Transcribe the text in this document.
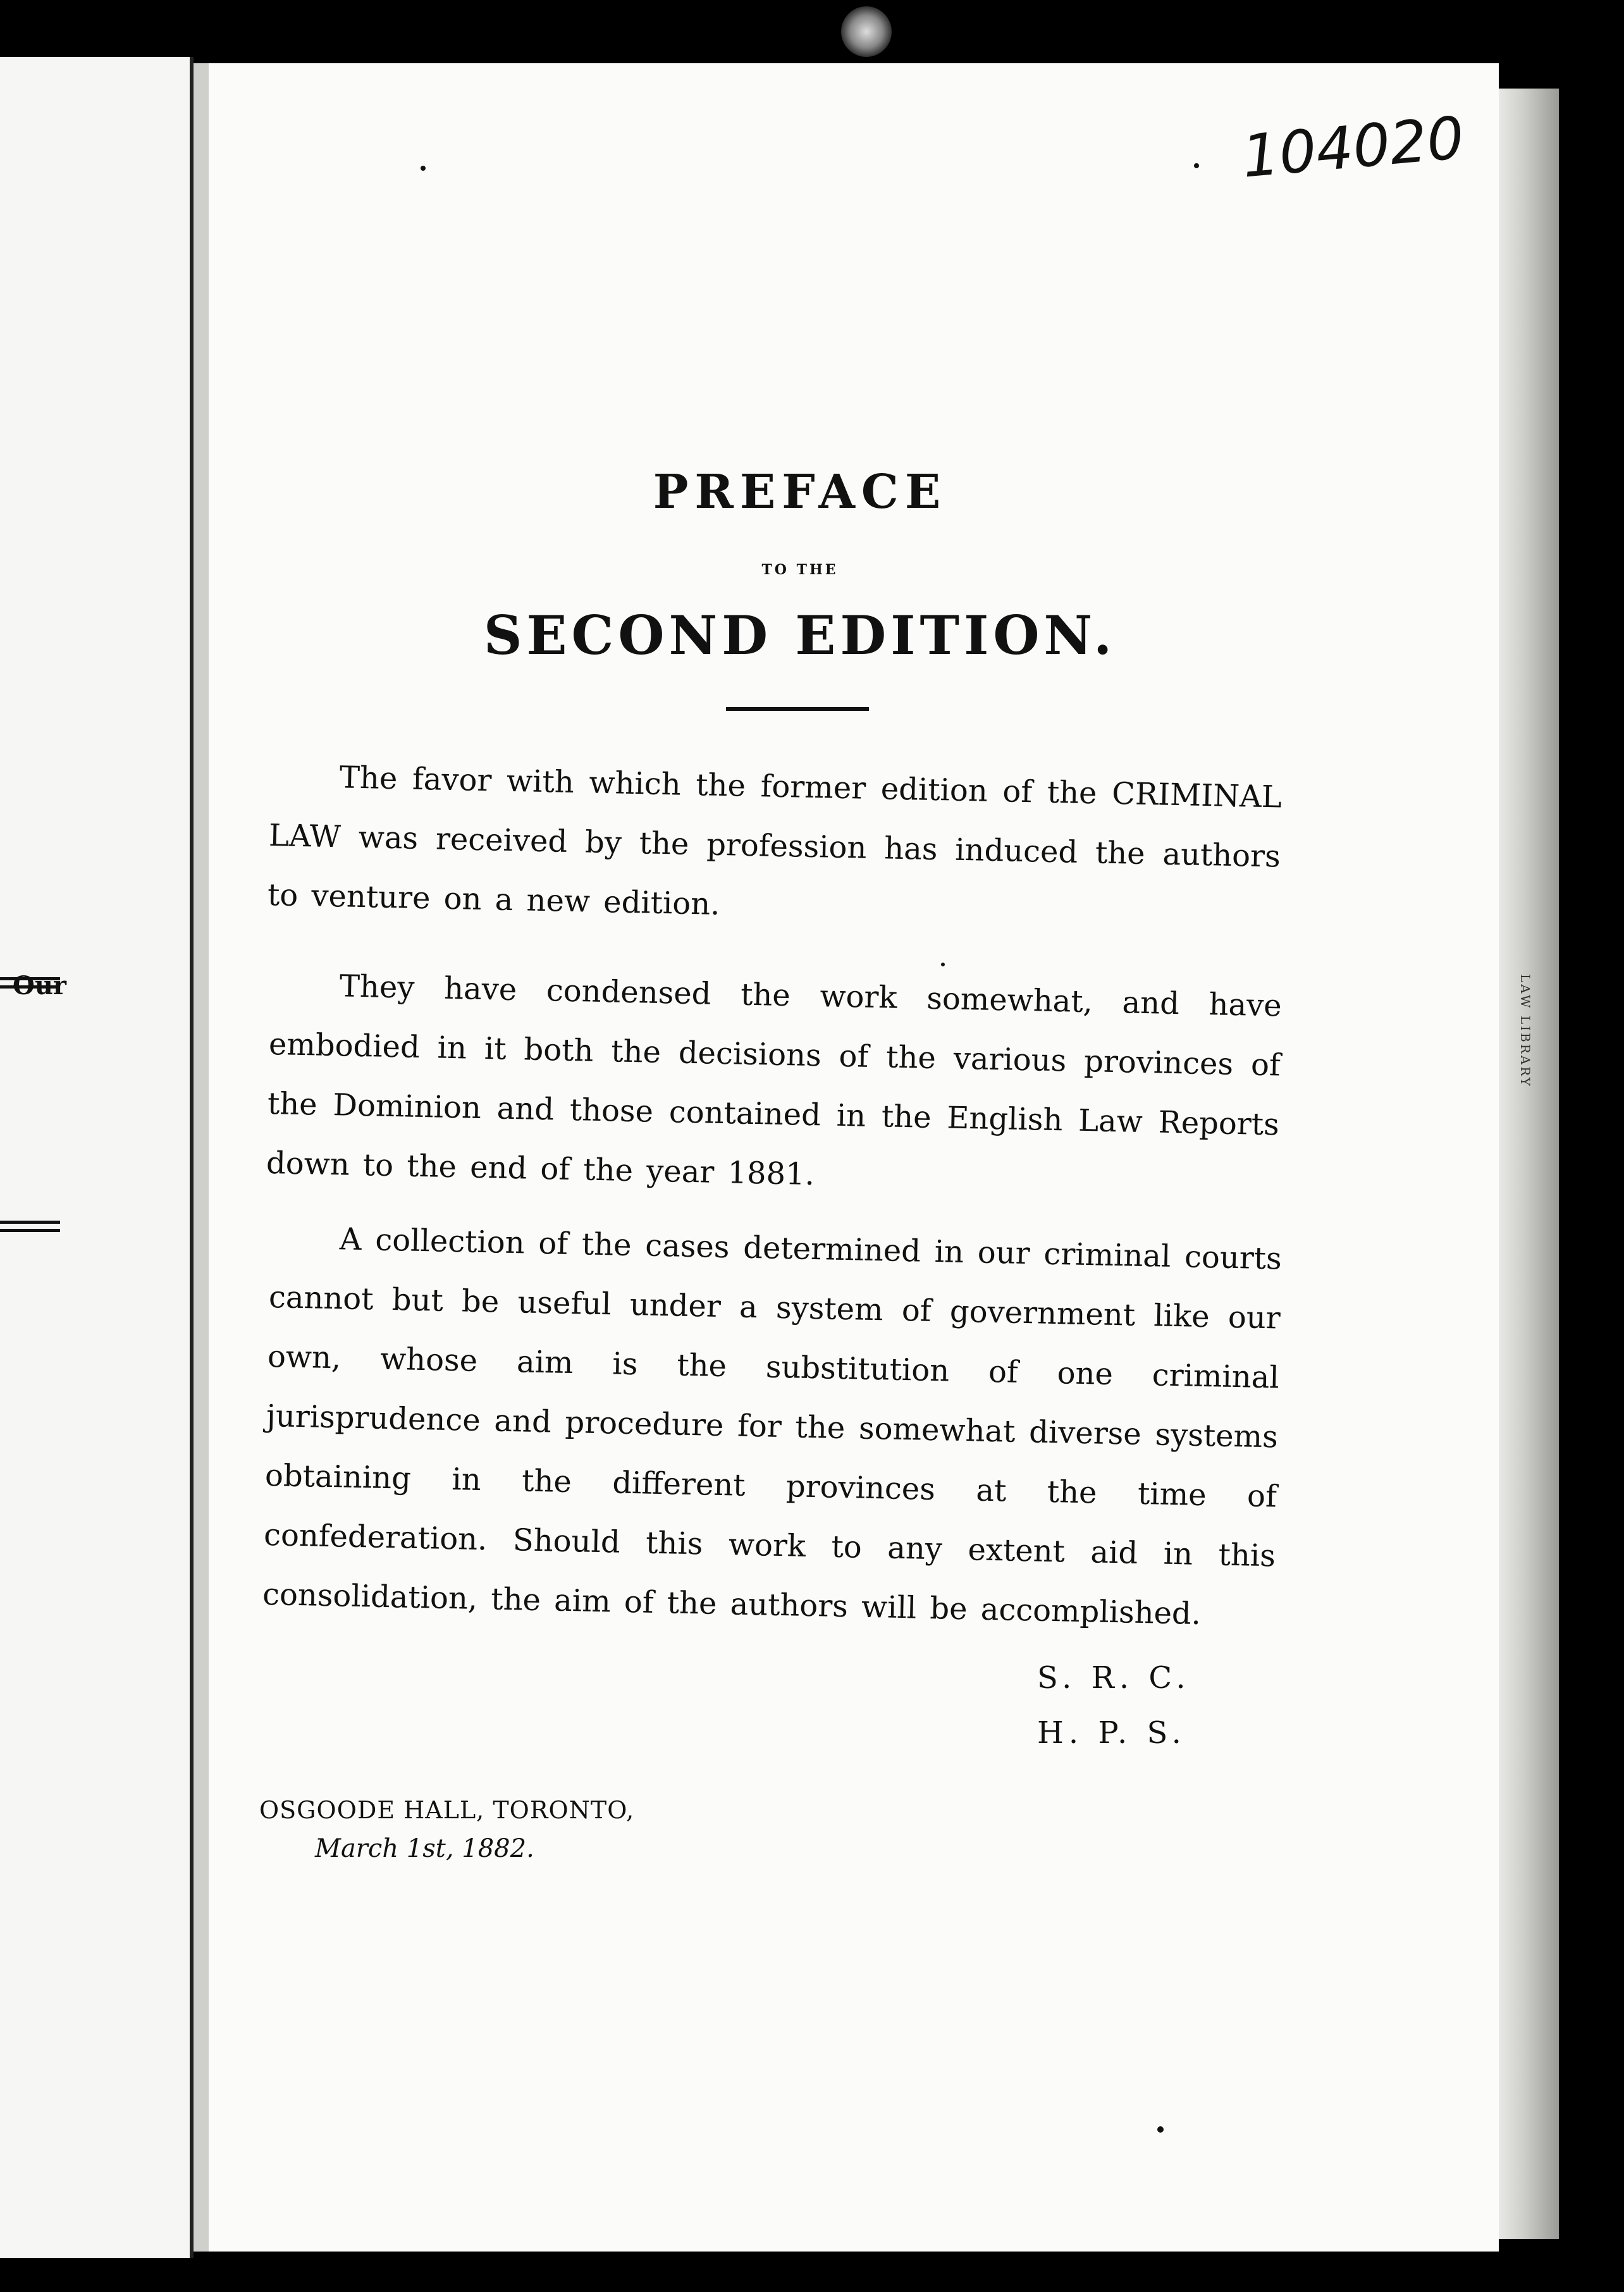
Our	LAW LIBRARY
104020
PREFACE
TO THE
SECOND EDITION.

The favor with which the former edition of the CRIMINAL LAW was received by the profession has induced the authors to venture on a new edition.

They have condensed the work somewhat, and have embodied in it both the decisions of the various provinces of the Dominion and those contained in the English Law Reports down to the end of the year 1881.

A collection of the cases determined in our criminal courts cannot but be useful under a system of government like our own, whose aim is the substitution of one criminal jurisprudence and procedure for the somewhat diverse systems obtaining in the different provinces at the time of confederation. Should this work to any extent aid in this consolidation, the aim of the authors will be accomplished.

S. R. C.
H. P. S.
OSGOODE HALL, TORONTO,
March 1st, 1882.
